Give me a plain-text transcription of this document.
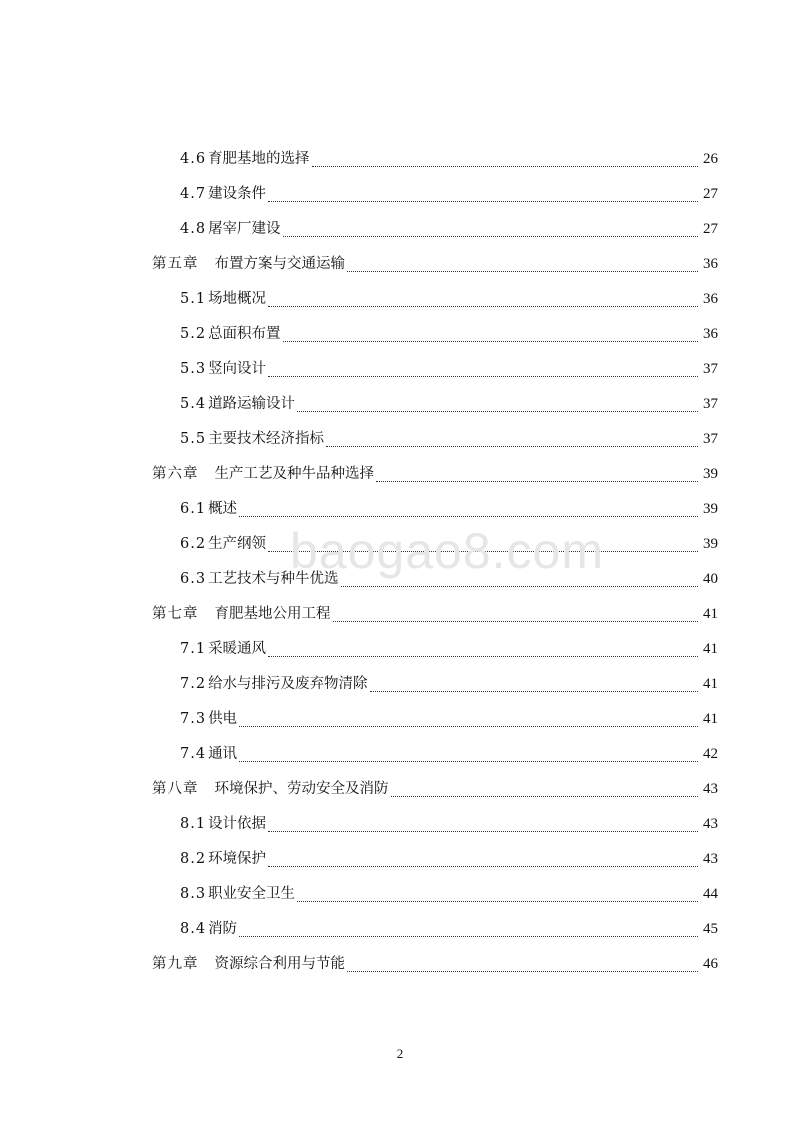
4.6 育肥基地的选择	26
4.7 建设条件	27
4.8 屠宰厂建设	27
第五章 布置方案与交通运输	36
5.1 场地概况	36
5.2 总面积布置	36
5.3 竖向设计	37
5.4 道路运输设计	37
5.5 主要技术经济指标	37
第六章 生产工艺及种牛品种选择	39
6.1 概述	39
6.2 生产纲领	39
6.3 工艺技术与种牛优选	40
第七章 育肥基地公用工程	41
7.1 采暖通风	41
7.2 给水与排污及废弃物清除	41
7.3 供电	41
7.4 通讯	42
第八章 环境保护、劳动安全及消防	43
8.1 设计依据	43
8.2 环境保护	43
8.3 职业安全卫生	44
8.4 消防	45
第九章 资源综合利用与节能	46
baogao8.com
2
